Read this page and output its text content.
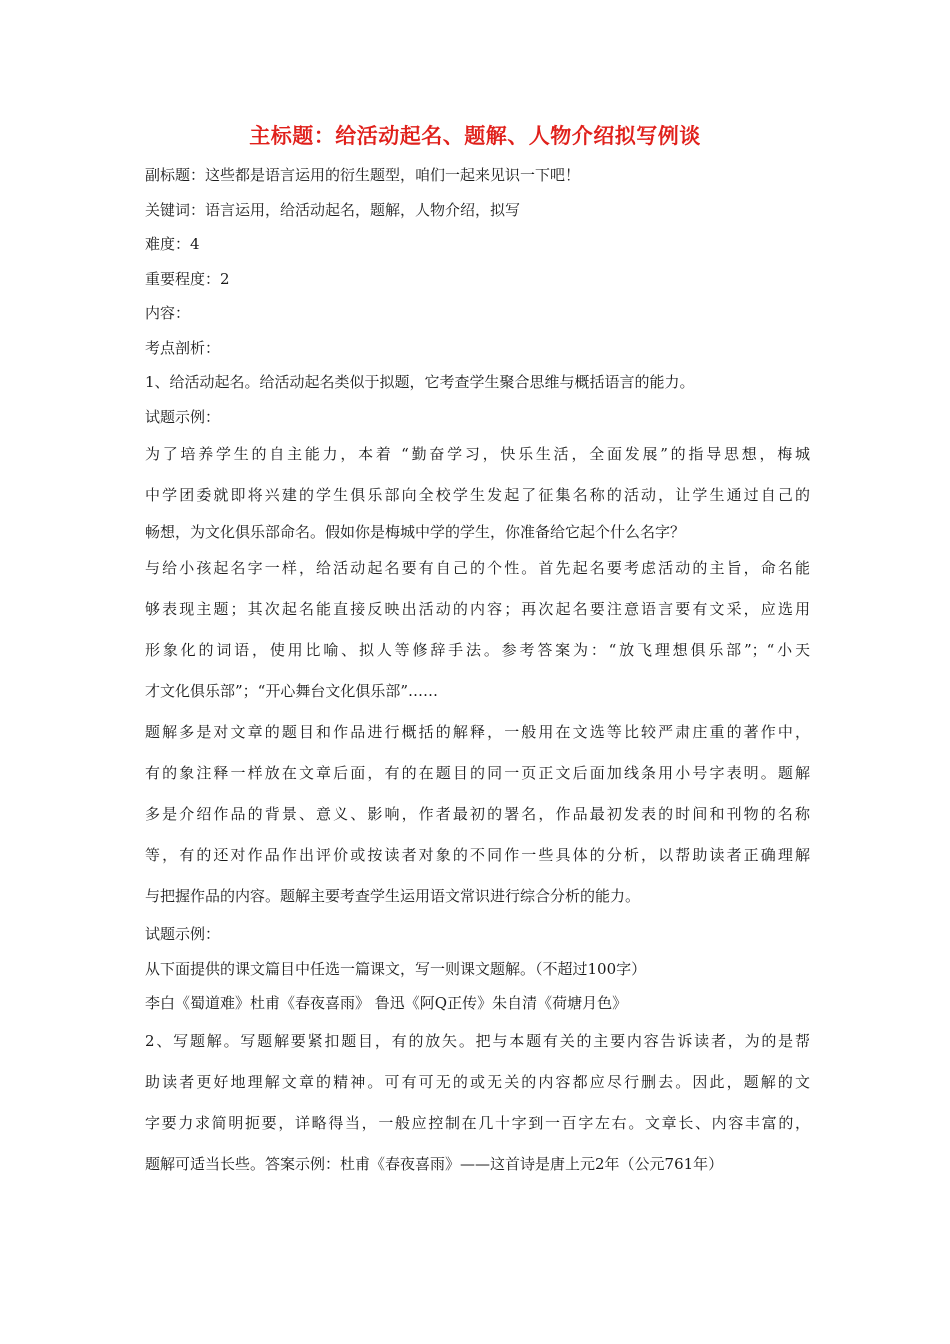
主标题：给活动起名、题解、人物介绍拟写例谈
副标题：这些都是语言运用的衍生题型，咱们一起来见识一下吧！
关键词：语言运用，给活动起名，题解，人物介绍，拟写
难度：4
重要程度：2
内容：
考点剖析：
1、给活动起名。给活动起名类似于拟题，它考查学生聚合思维与概括语言的能力。
试题示例：
为了培养学生的自主能力，本着 “勤奋学习，快乐生活，全面发展”的指导思想，梅城
中学团委就即将兴建的学生俱乐部向全校学生发起了征集名称的活动，让学生通过自己的
畅想，为文化俱乐部命名。假如你是梅城中学的学生，你准备给它起个什么名字？
与给小孩起名字一样，给活动起名要有自己的个性。首先起名要考虑活动的主旨，命名能
够表现主题；其次起名能直接反映出活动的内容；再次起名要注意语言要有文采，应选用
形象化的词语，使用比喻、拟人等修辞手法。参考答案为：“放飞理想俱乐部”；“小天
才文化俱乐部”；“开心舞台文化俱乐部”……
题解多是对文章的题目和作品进行概括的解释，一般用在文选等比较严肃庄重的著作中，
有的象注释一样放在文章后面，有的在题目的同一页正文后面加线条用小号字表明。题解
多是介绍作品的背景、意义、影响，作者最初的署名，作品最初发表的时间和刊物的名称
等，有的还对作品作出评价或按读者对象的不同作一些具体的分析，以帮助读者正确理解
与把握作品的内容。题解主要考查学生运用语文常识进行综合分析的能力。
试题示例：
从下面提供的课文篇目中任选一篇课文，写一则课文题解。（不超过100字）
李白《蜀道难》杜甫《春夜喜雨》 鲁迅《阿Q正传》朱自清《荷塘月色》
2、写题解。写题解要紧扣题目，有的放矢。把与本题有关的主要内容告诉读者，为的是帮
助读者更好地理解文章的精神。可有可无的或无关的内容都应尽行删去。因此，题解的文
字要力求简明扼要，详略得当，一般应控制在几十字到一百字左右。文章长、内容丰富的，
题解可适当长些。答案示例：杜甫《春夜喜雨》——这首诗是唐上元2年（公元761年）
